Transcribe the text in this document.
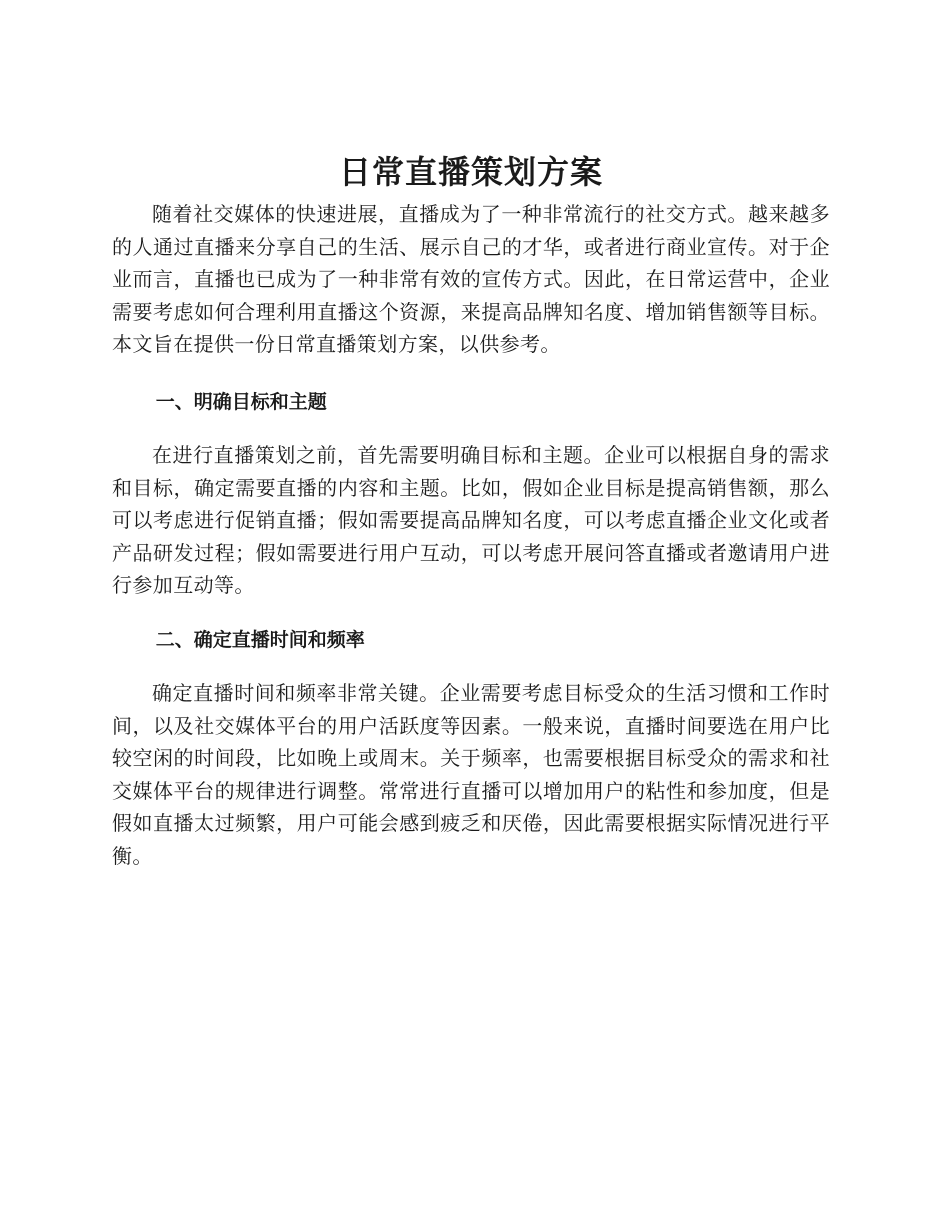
日常直播策划方案

随着社交媒体的快速进展，直播成为了一种非常流行的社交方式。越来越多的人通过直播来分享自己的生活、展示自己的才华，或者进行商业宣传。对于企业而言，直播也已成为了一种非常有效的宣传方式。因此，在日常运营中，企业需要考虑如何合理利用直播这个资源，来提高品牌知名度、增加销售额等目标。本文旨在提供一份日常直播策划方案，以供参考。

一、明确目标和主题

在进行直播策划之前，首先需要明确目标和主题。企业可以根据自身的需求和目标，确定需要直播的内容和主题。比如，假如企业目标是提高销售额，那么可以考虑进行促销直播；假如需要提高品牌知名度，可以考虑直播企业文化或者产品研发过程；假如需要进行用户互动，可以考虑开展问答直播或者邀请用户进行参加互动等。

二、确定直播时间和频率

确定直播时间和频率非常关键。企业需要考虑目标受众的生活习惯和工作时间，以及社交媒体平台的用户活跃度等因素。一般来说，直播时间要选在用户比较空闲的时间段，比如晚上或周末。关于频率，也需要根据目标受众的需求和社交媒体平台的规律进行调整。常常进行直播可以增加用户的粘性和参加度，但是假如直播太过频繁，用户可能会感到疲乏和厌倦，因此需要根据实际情况进行平衡。
